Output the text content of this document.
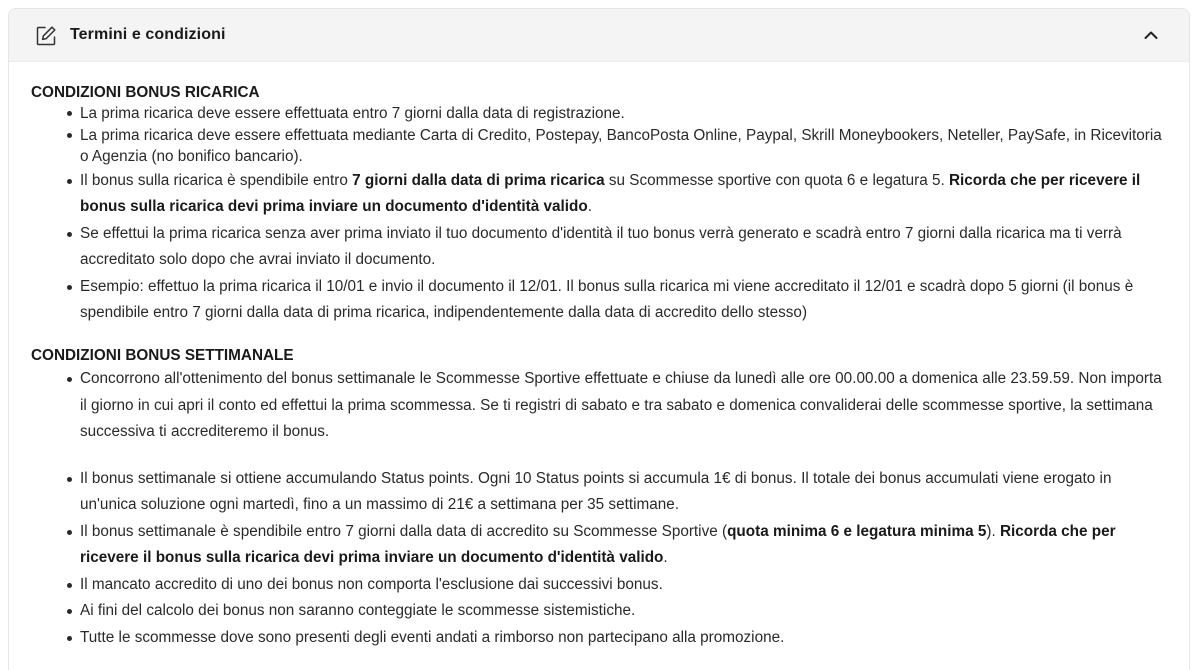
Termini e condizioni
CONDIZIONI BONUS RICARICA
La prima ricarica deve essere effettuata entro 7 giorni dalla data di registrazione.
La prima ricarica deve essere effettuata mediante Carta di Credito, Postepay, BancoPosta Online, Paypal, Skrill Moneybookers, Neteller, PaySafe, in Ricevitoria o Agenzia (no bonifico bancario).
Il bonus sulla ricarica è spendibile entro 7 giorni dalla data di prima ricarica su Scommesse sportive con quota 6 e legatura 5. Ricorda che per ricevere il bonus sulla ricarica devi prima inviare un documento d'identità valido.
Se effettui la prima ricarica senza aver prima inviato il tuo documento d'identità il tuo bonus verrà generato e scadrà entro 7 giorni dalla ricarica ma ti verrà accreditato solo dopo che avrai inviato il documento.
Esempio: effettuo la prima ricarica il 10/01 e invio il documento il 12/01. Il bonus sulla ricarica mi viene accreditato il 12/01 e scadrà dopo 5 giorni (il bonus è spendibile entro 7 giorni dalla data di prima ricarica, indipendentemente dalla data di accredito dello stesso)
CONDIZIONI BONUS SETTIMANALE
Concorrono all'ottenimento del bonus settimanale le Scommesse Sportive effettuate e chiuse da lunedì alle ore 00.00.00 a domenica alle 23.59.59. Non importa il giorno in cui apri il conto ed effettui la prima scommessa. Se ti registri di sabato e tra sabato e domenica convaliderai delle scommesse sportive, la settimana successiva ti accrediteremo il bonus.
Il bonus settimanale si ottiene accumulando Status points. Ogni 10 Status points si accumula 1€ di bonus. Il totale dei bonus accumulati viene erogato in un'unica soluzione ogni martedì, fino a un massimo di 21€ a settimana per 35 settimane.
Il bonus settimanale è spendibile entro 7 giorni dalla data di accredito su Scommesse Sportive (quota minima 6 e legatura minima 5). Ricorda che per ricevere il bonus sulla ricarica devi prima inviare un documento d'identità valido.
Il mancato accredito di uno dei bonus non comporta l'esclusione dai successivi bonus.
Ai fini del calcolo dei bonus non saranno conteggiate le scommesse sistemistiche.
Tutte le scommesse dove sono presenti degli eventi andati a rimborso non partecipano alla promozione.
